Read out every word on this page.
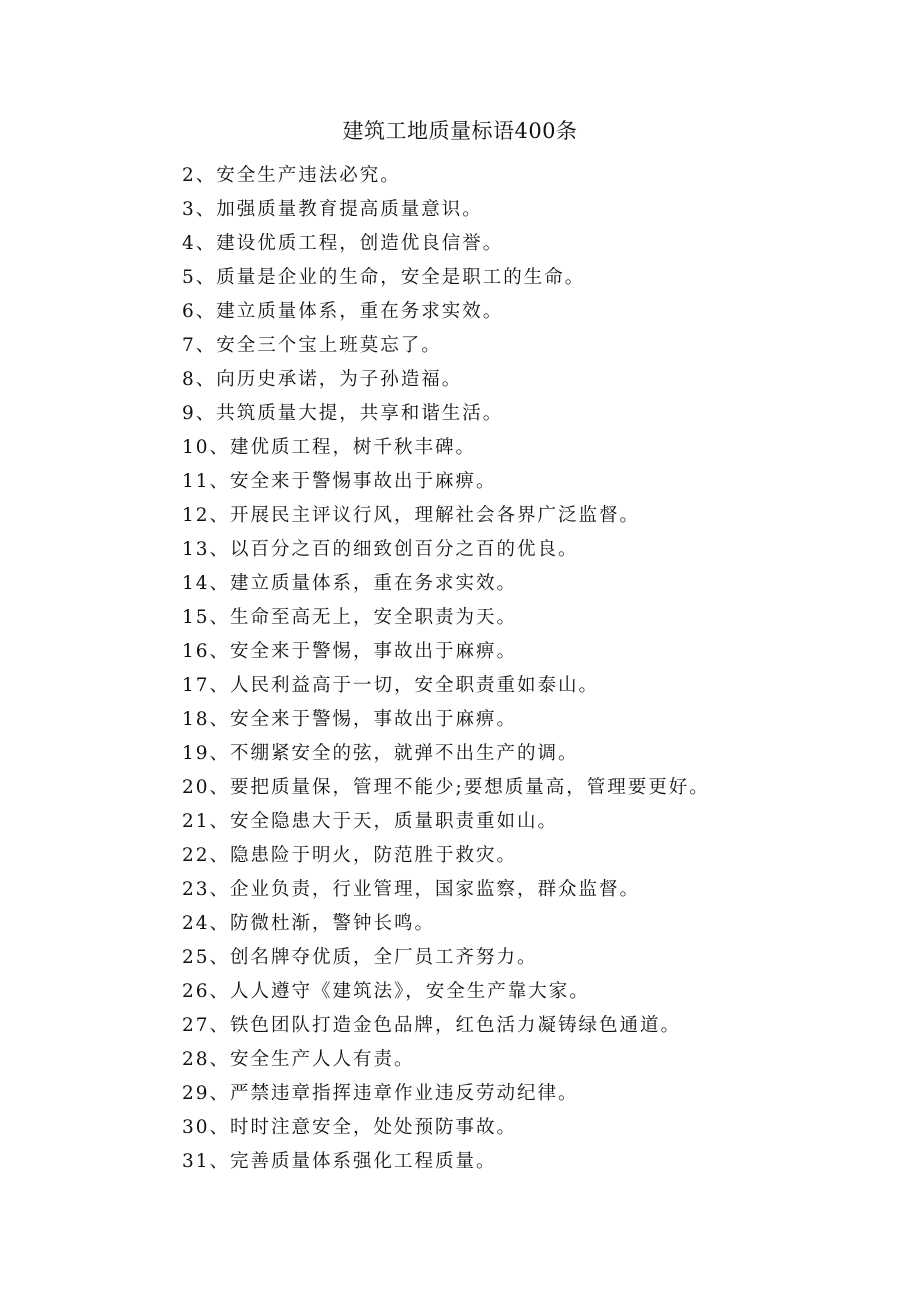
建筑工地质量标语400条
2、安全生产违法必究。
3、加强质量教育提高质量意识。
4、建设优质工程，创造优良信誉。
5、质量是企业的生命，安全是职工的生命。
6、建立质量体系，重在务求实效。
7、安全三个宝上班莫忘了。
8、向历史承诺，为子孙造福。
9、共筑质量大提，共享和谐生活。
10、建优质工程，树千秋丰碑。
11、安全来于警惕事故出于麻痹。
12、开展民主评议行风，理解社会各界广泛监督。
13、以百分之百的细致创百分之百的优良。
14、建立质量体系，重在务求实效。
15、生命至高无上，安全职责为天。
16、安全来于警惕，事故出于麻痹。
17、人民利益高于一切，安全职责重如泰山。
18、安全来于警惕，事故出于麻痹。
19、不绷紧安全的弦，就弹不出生产的调。
20、要把质量保，管理不能少;要想质量高，管理要更好。
21、安全隐患大于天，质量职责重如山。
22、隐患险于明火，防范胜于救灾。
23、企业负责，行业管理，国家监察，群众监督。
24、防微杜渐，警钟长鸣。
25、创名牌夺优质，全厂员工齐努力。
26、人人遵守《建筑法》，安全生产靠大家。
27、铁色团队打造金色品牌，红色活力凝铸绿色通道。
28、安全生产人人有责。
29、严禁违章指挥违章作业违反劳动纪律。
30、时时注意安全，处处预防事故。
31、完善质量体系强化工程质量。
